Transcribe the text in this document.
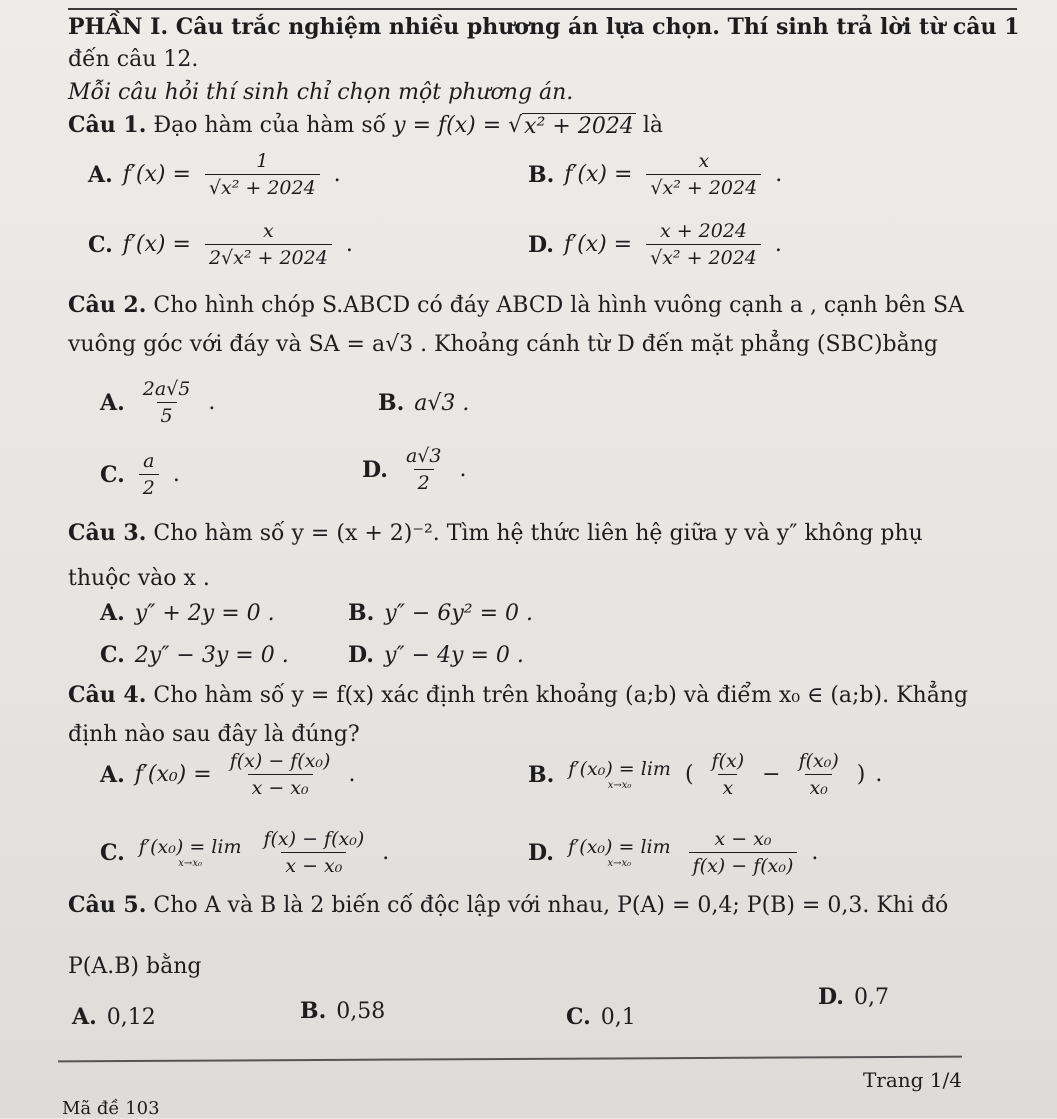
PHẦN I. Câu trắc nghiệm nhiều phương án lựa chọn. Thí sinh trả lời từ câu 1
đến câu 12.
Mỗi câu hỏi thí sinh chỉ chọn một phương án.
Câu 1. Đạo hàm của hàm số y = f(x) = √ x² + 2024 là
A. $f'(x) = \frac{1}{\text{√x² + 2024}}$ .	B. $f'(x) = \frac{x}{\text{√x² + 2024}}$ .
C. $f'(x) = \frac{x}{\text{2√x² + 2024}}$ .	D. $f'(x) = \frac{x + 2024}{\text{√x² + 2024}}$ .
Câu 2. Cho hình chóp S.ABCD có đáy ABCD là hình vuông cạnh a , cạnh bên SA
vuông góc với đáy và SA = a√3 . Khoảng cánh từ D đến mặt phẳng (SBC)bằng
A. $\frac{2a√5}{5}$ .	B. a√3 .
C. $\frac{a}{2}$ .	D. $\frac{a√3}{2}$ .
Câu 3. Cho hàm số y = (x + 2)⁻². Tìm hệ thức liên hệ giữa y và y″ không phụ
thuộc vào x .
A. y″ + 2y = 0 .	B. y″ − 6y² = 0 .
C. 2y″ − 3y = 0 .	D. y″ − 4y = 0 .
Câu 4. Cho hàm số y = f(x) xác định trên khoảng (a;b) và điểm x₀ ∈ (a;b). Khẳng
định nào sau đây là đúng?
A. $f'(x_0) = \frac{\text{f(x) − f(x₀)}}{\text{x − x₀}}$ .	B. f′(x₀) = lim
x→x₀ ( $\frac{f(x)}{x} - \frac{\text{f(x₀)}}{\text{x₀}}$ ) .
C. f′(x₀) = lim
x→x₀	$\frac{\text{f(x) − f(x₀)}}{\text{x − x₀}}$ .	D. f′(x₀) = lim
x→x₀	$\frac{\text{x − x₀}}{\text{f(x) − f(x₀)}}$ .
Câu 5. Cho A và B là 2 biến cố độc lập với nhau, P(A) = 0,4; P(B) = 0,3. Khi đó
P(A.B) bằng
A. 0,12	B. 0,58	C. 0,1
D. 0,7
Trang 1/4
Mã đề 103
